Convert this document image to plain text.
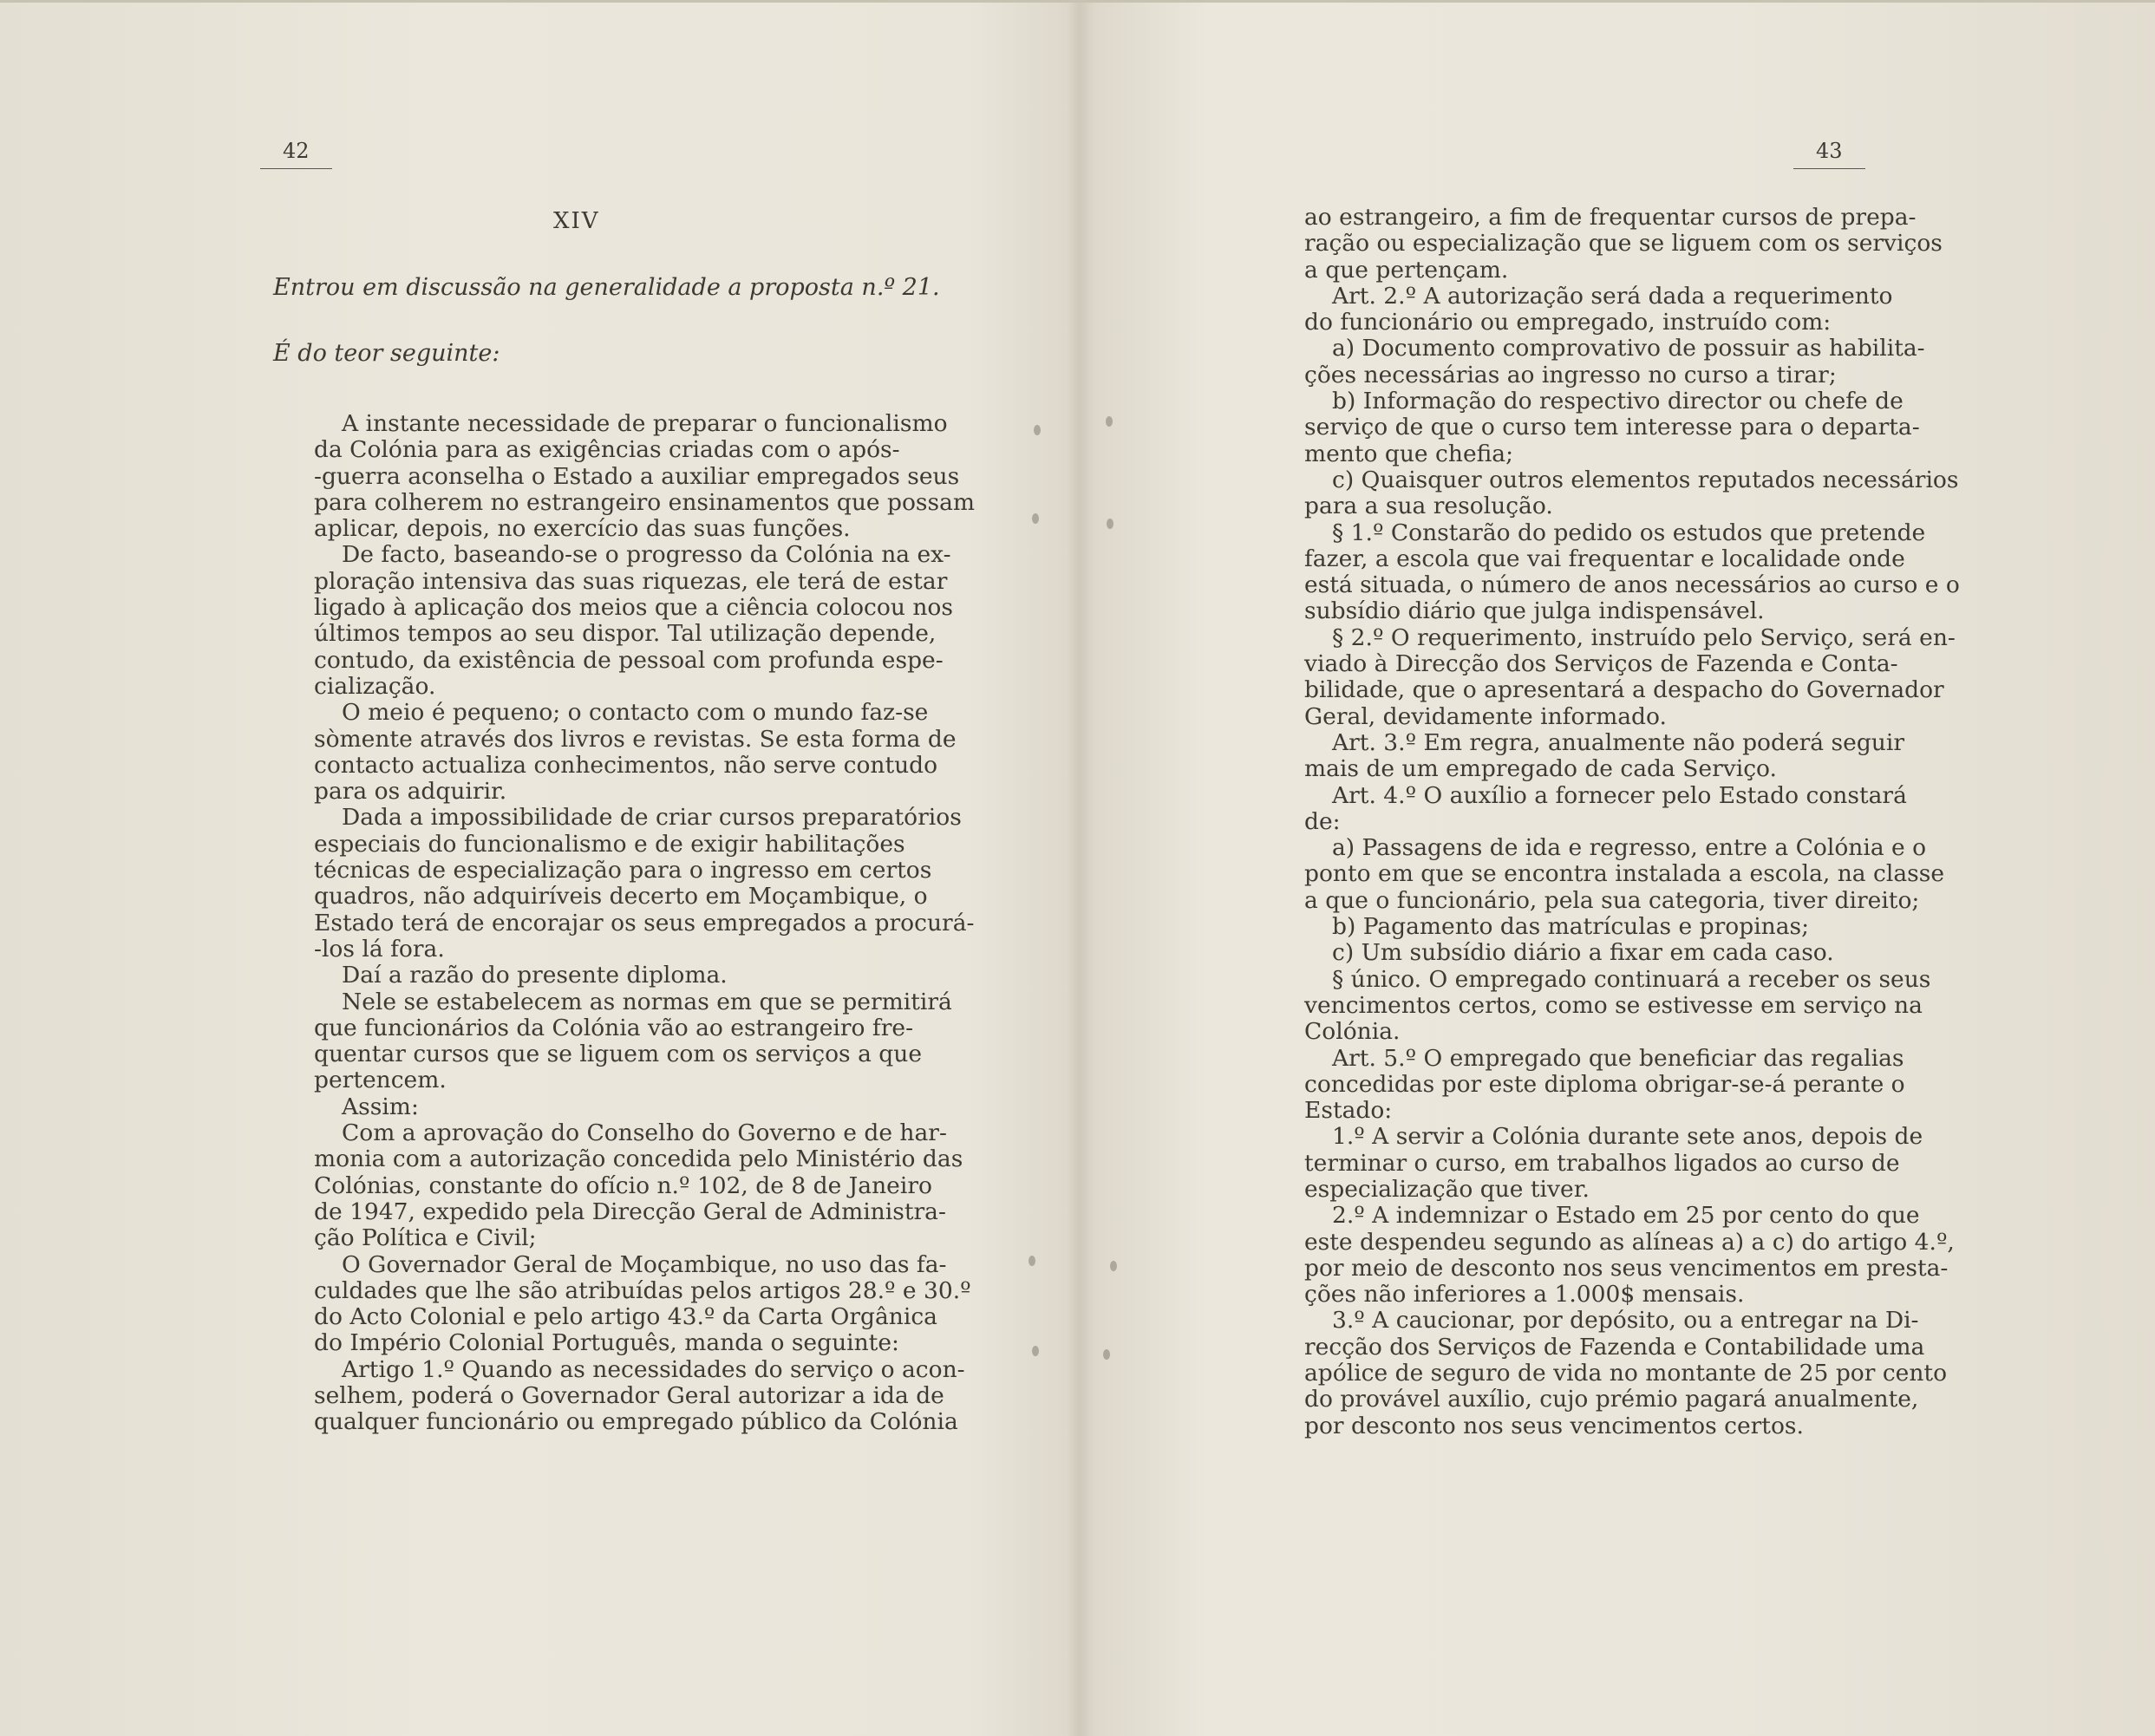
42
XIV
Entrou em discussão na generalidade a proposta n.º 21.
É do teor seguinte:

A instante necessidade de preparar o funcionalismo

da Colónia para as exigências criadas com o após-

-guerra aconselha o Estado a auxiliar empregados seus

para colherem no estrangeiro ensinamentos que possam

aplicar, depois, no exercício das suas funções.

De facto, baseando-se o progresso da Colónia na ex-

ploração intensiva das suas riquezas, ele terá de estar

ligado à aplicação dos meios que a ciência colocou nos

últimos tempos ao seu dispor. Tal utilização depende,

contudo, da existência de pessoal com profunda espe-

cialização.

O meio é pequeno; o contacto com o mundo faz-se

sòmente através dos livros e revistas. Se esta forma de

contacto actualiza conhecimentos, não serve contudo

para os adquirir.

Dada a impossibilidade de criar cursos preparatórios

especiais do funcionalismo e de exigir habilitações

técnicas de especialização para o ingresso em certos

quadros, não adquiríveis decerto em Moçambique, o

Estado terá de encorajar os seus empregados a procurá-

-los lá fora.

Daí a razão do presente diploma.

Nele se estabelecem as normas em que se permitirá

que funcionários da Colónia vão ao estrangeiro fre-

quentar cursos que se liguem com os serviços a que

pertencem.

Assim:

Com a aprovação do Conselho do Governo e de har-

monia com a autorização concedida pelo Ministério das

Colónias, constante do ofício n.º 102, de 8 de Janeiro

de 1947, expedido pela Direcção Geral de Administra-

ção Política e Civil;

O Governador Geral de Moçambique, no uso das fa-

culdades que lhe são atribuídas pelos artigos 28.º e 30.º

do Acto Colonial e pelo artigo 43.º da Carta Orgânica

do Império Colonial Português, manda o seguinte:

Artigo 1.º Quando as necessidades do serviço o acon-

selhem, poderá o Governador Geral autorizar a ida de

qualquer funcionário ou empregado público da Colónia

43

ao estrangeiro, a fim de frequentar cursos de prepa-

ração ou especialização que se liguem com os serviços

a que pertençam.

Art. 2.º A autorização será dada a requerimento

do funcionário ou empregado, instruído com:

a) Documento comprovativo de possuir as habilita-

ções necessárias ao ingresso no curso a tirar;

b) Informação do respectivo director ou chefe de

serviço de que o curso tem interesse para o departa-

mento que chefia;

c) Quaisquer outros elementos reputados necessários

para a sua resolução.

§ 1.º Constarão do pedido os estudos que pretende

fazer, a escola que vai frequentar e localidade onde

está situada, o número de anos necessários ao curso e o

subsídio diário que julga indispensável.

§ 2.º O requerimento, instruído pelo Serviço, será en-

viado à Direcção dos Serviços de Fazenda e Conta-

bilidade, que o apresentará a despacho do Governador

Geral, devidamente informado.

Art. 3.º Em regra, anualmente não poderá seguir

mais de um empregado de cada Serviço.

Art. 4.º O auxílio a fornecer pelo Estado constará

de:

a) Passagens de ida e regresso, entre a Colónia e o

ponto em que se encontra instalada a escola, na classe

a que o funcionário, pela sua categoria, tiver direito;

b) Pagamento das matrículas e propinas;

c) Um subsídio diário a fixar em cada caso.

§ único. O empregado continuará a receber os seus

vencimentos certos, como se estivesse em serviço na

Colónia.

Art. 5.º O empregado que beneficiar das regalias

concedidas por este diploma obrigar-se-á perante o

Estado:

1.º A servir a Colónia durante sete anos, depois de

terminar o curso, em trabalhos ligados ao curso de

especialização que tiver.

2.º A indemnizar o Estado em 25 por cento do que

este despendeu segundo as alíneas a) a c) do artigo 4.º,

por meio de desconto nos seus vencimentos em presta-

ções não inferiores a 1.000$ mensais.

3.º A caucionar, por depósito, ou a entregar na Di-

recção dos Serviços de Fazenda e Contabilidade uma

apólice de seguro de vida no montante de 25 por cento

do provável auxílio, cujo prémio pagará anualmente,

por desconto nos seus vencimentos certos.
